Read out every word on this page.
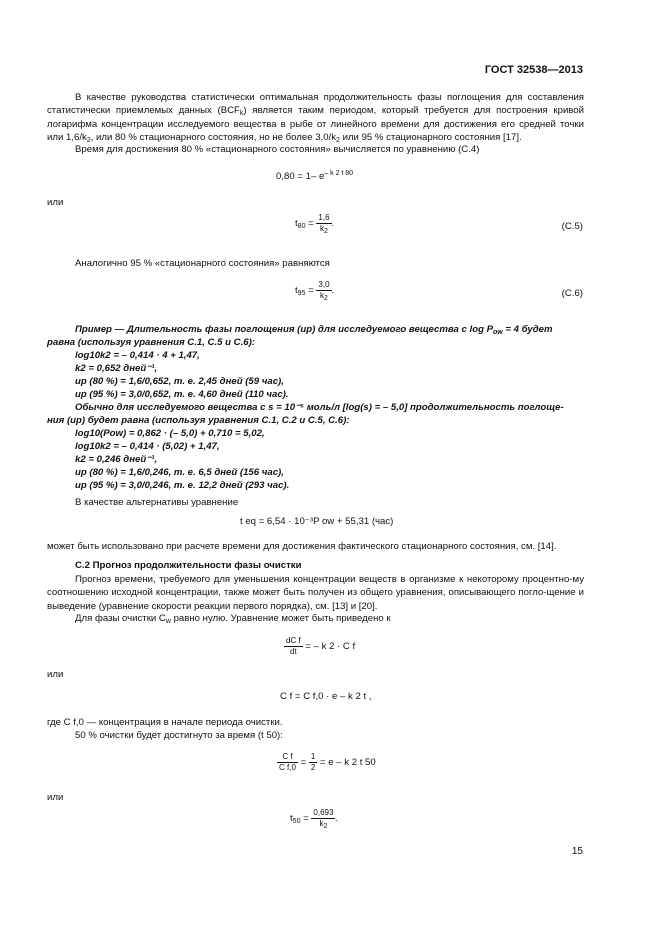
ГОСТ 32538—2013
В качестве руководства статистически оптимальная продолжительность фазы поглощения для составления статистически приемлемых данных $(BCF_k)$ является таким периодом, который требуется для построения кривой логарифма концентрации исследуемого вещества в рыбе от линейного времени для достижения его средней точки или $1,6/k_2$, или 80 % стационарного состояния, но не более $3,0/k_2$ или 95 % стационарного состояния [17].
Время для достижения 80 % «стационарного состояния» вычисляется по уравнению (С.4)
0,80 = 1– $e^{- k 2 t 80}$
или
$t_{80} = \frac{1,6}{k_2}$ .	(С.5)
Аналогично 95 % «стационарного состояния» равняются
$t_{95} = \frac{3,0}{k_2}$ .	(С.6)
Пример — Длительность фазы поглощения (up) для исследуемого вещества с $\log P_{ow} = 4$ будет
равна (используя уравнения С.1, С.5 и С.6):
log10k2 = – 0,414 · 4 + 1,47,
k2 = 0,652 дней⁻¹,
up (80 %) = 1,6/0,652, т. е. 2,45 дней (59 час),
up (95 %) = 3,0/0,652, т. е. 4,60 дней (110 час).
Обычно для исследуемого вещества с s = 10⁻⁵ моль/л [log(s) = – 5,0] продолжительность поглоще-
ния (up) будет равна (используя уравнения С.1, С.2 и С.5, С.6):
log10(Pow) = 0,862 · (– 5,0) + 0,710 = 5,02,
log10k2 = – 0,414 · (5,02) + 1,47,
k2 = 0,246 дней⁻¹,
up (80 %) = 1,6/0,246, т. е. 6,5 дней (156 час),
up (95 %) = 3,0/0,246, т. е. 12,2 дней (293 час).
В качестве альтернативы уравнение
t eq = 6,54 · 10⁻³P ow + 55,31 (час)
может быть использовано при расчете времени для достижения фактического стационарного состояния, см. [14].
С.2 Прогноз продолжительности фазы очистки
Прогноз времени, требуемого для уменьшения концентрации веществ в организме к некоторому процентно-му соотношению исходной концентрации, также может быть получен из общего уравнения, описывающего погло-щение и выведение (уравнение скорости реакции первого порядка), см. [13] и [20].
Для фазы очистки $C_w$ равно нулю. Уравнение может быть приведено к
$\frac{\text{dC f}}{dt}$ = – k 2 · C f
или
C f = C f,0 · e – k 2 t ,
где C f,0 — концентрация в начале периода очистки.
50 % очистки будет достигнуто за время (t 50):
$\frac{\text{C f}}{\text{C f,0}} = \frac{1}{2} = e - k$ 2 t 50
или
$t_{50} = \frac{0,693}{k_2}$ .
15
